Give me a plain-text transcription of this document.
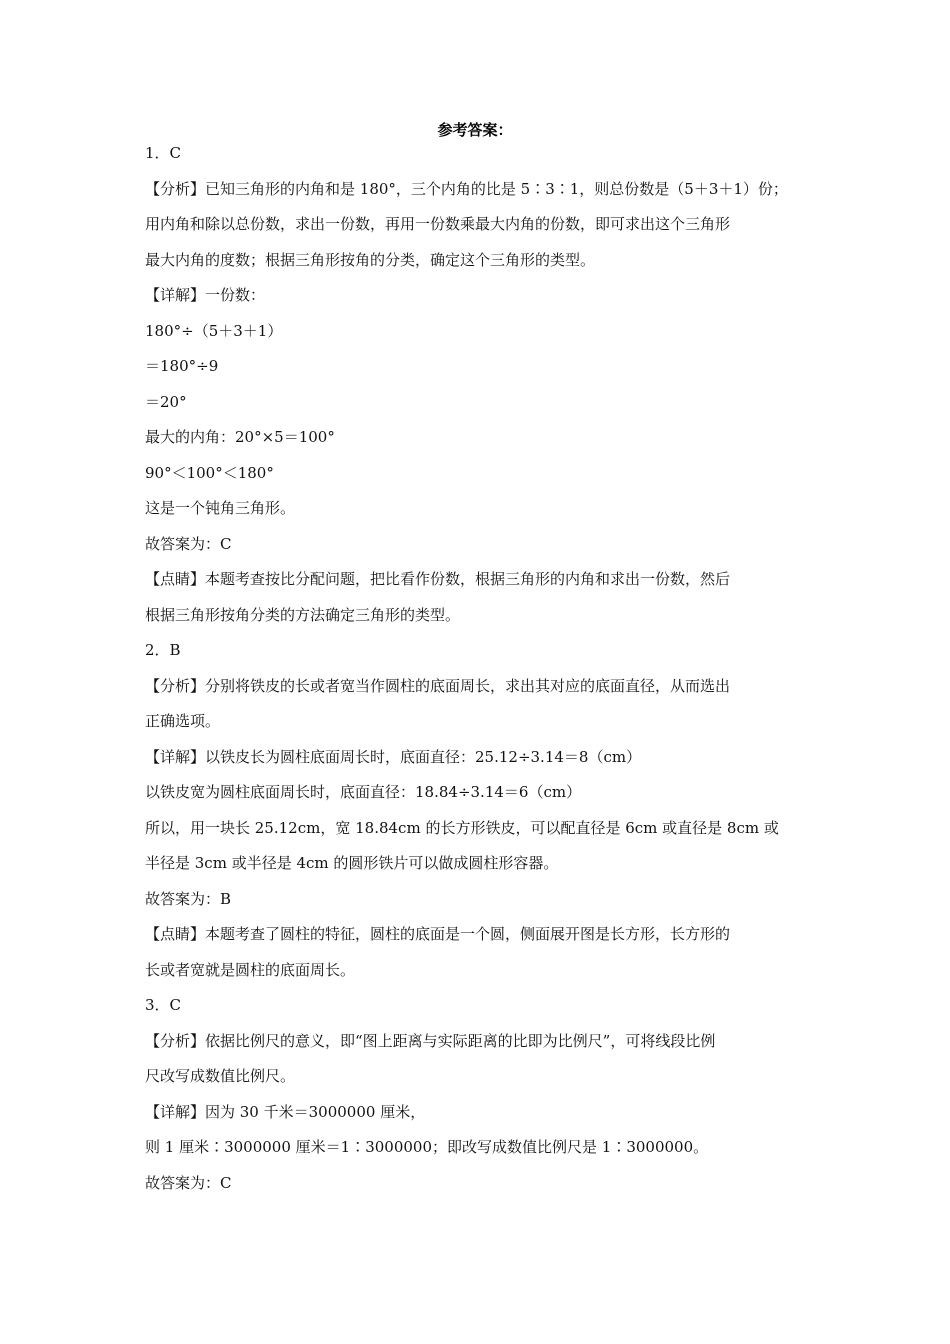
参考答案：
1．C
【分析】已知三角形的内角和是 180°，三个内角的比是 5∶3∶1，则总份数是（5＋3＋1）份；
用内角和除以总份数，求出一份数，再用一份数乘最大内角的份数，即可求出这个三角形
最大内角的度数；根据三角形按角的分类，确定这个三角形的类型。
【详解】一份数：
180°÷（5＋3＋1）
＝180°÷9
＝20°
最大的内角：20°×5＝100°
90°＜100°＜180°
这是一个钝角三角形。
故答案为：C
【点睛】本题考查按比分配问题，把比看作份数，根据三角形的内角和求出一份数，然后
根据三角形按角分类的方法确定三角形的类型。
2．B
【分析】分别将铁皮的长或者宽当作圆柱的底面周长，求出其对应的底面直径，从而选出
正确选项。
【详解】以铁皮长为圆柱底面周长时，底面直径：25.12÷3.14＝8（cm）
以铁皮宽为圆柱底面周长时，底面直径：18.84÷3.14＝6（cm）
所以，用一块长 25.12cm，宽 18.84cm 的长方形铁皮，可以配直径是 6cm 或直径是 8cm 或
半径是 3cm 或半径是 4cm 的圆形铁片可以做成圆柱形容器。
故答案为：B
【点睛】本题考查了圆柱的特征，圆柱的底面是一个圆，侧面展开图是长方形，长方形的
长或者宽就是圆柱的底面周长。
3．C
【分析】依据比例尺的意义，即“图上距离与实际距离的比即为比例尺”，可将线段比例
尺改写成数值比例尺。
【详解】因为 30 千米＝3000000 厘米，
则 1 厘米∶3000000 厘米＝1∶3000000；即改写成数值比例尺是 1∶3000000。
故答案为：C
